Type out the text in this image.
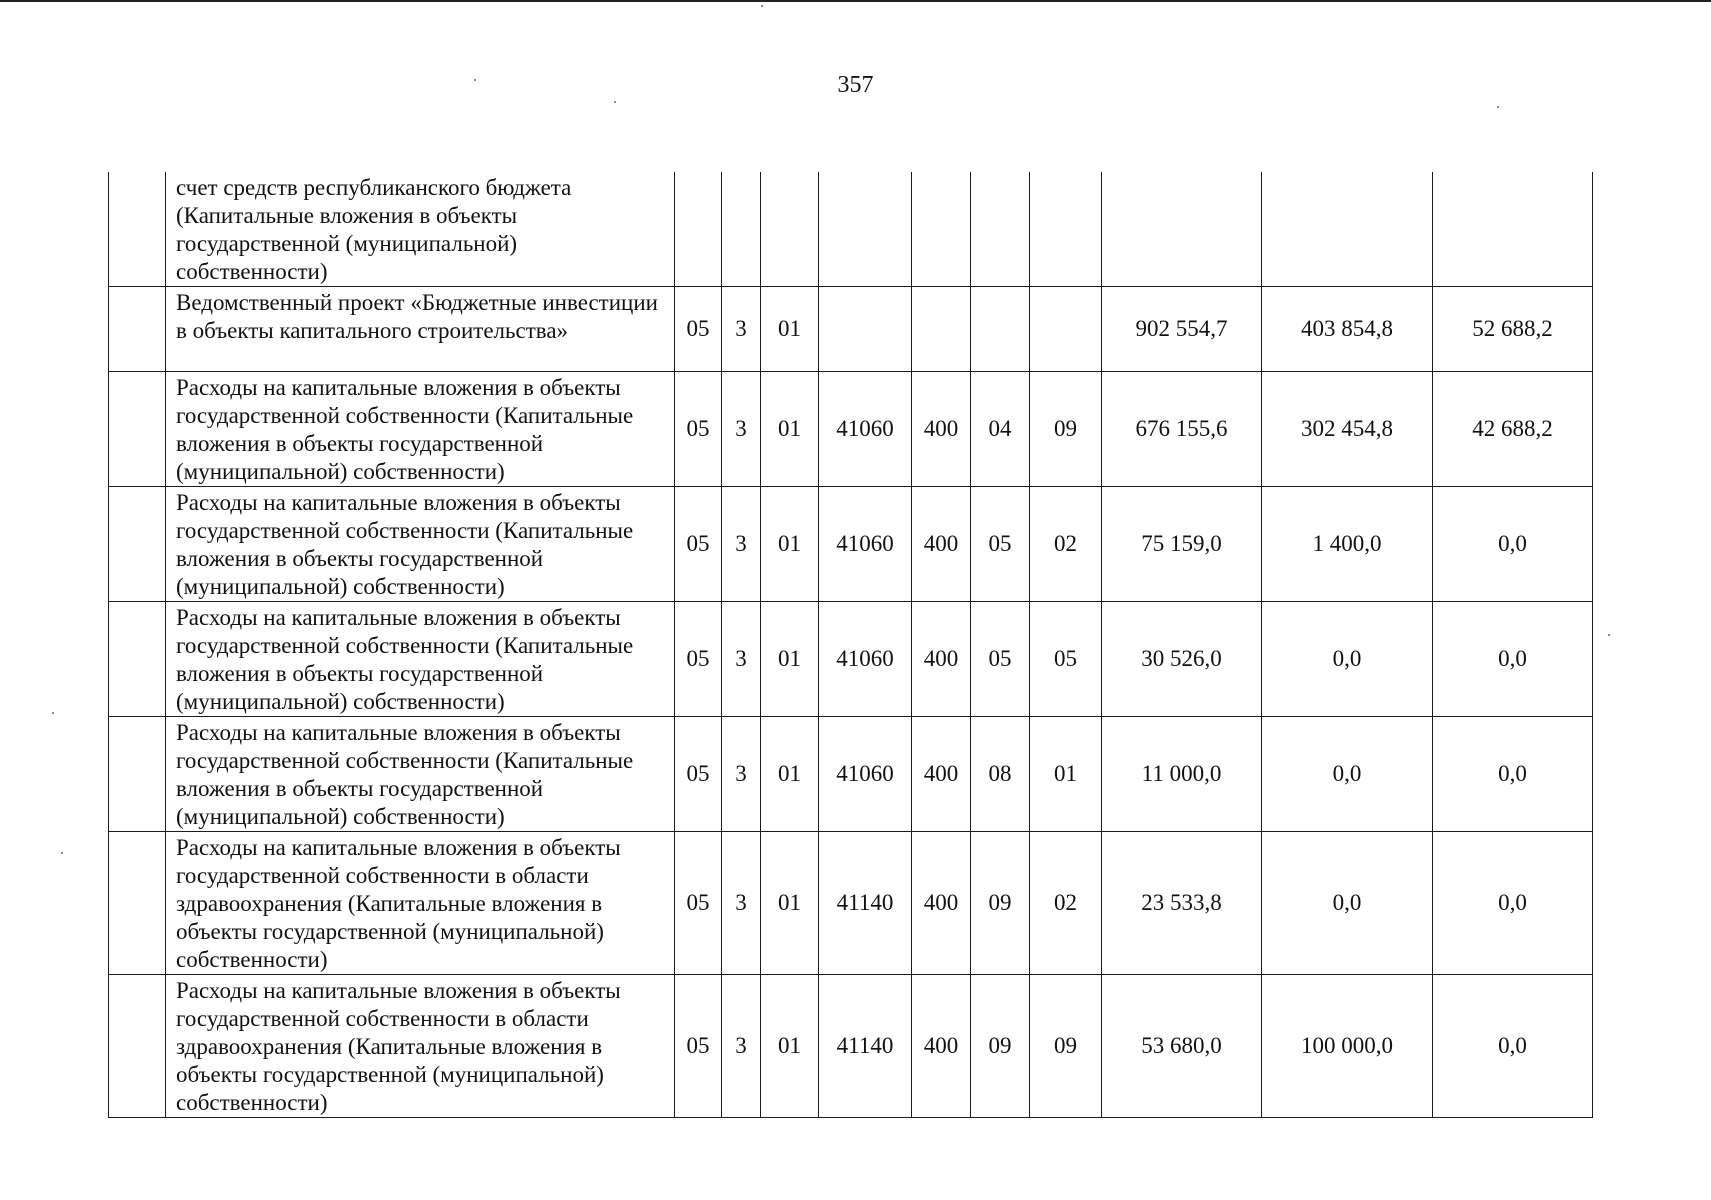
357
	счет средств республиканского бюджета (Капитальные вложения в объекты государственной (муниципальной) собственности)										
	Ведомственный проект «Бюджетные инвестиции в объекты капитального строительства»	05	3	01					902 554,7	403 854,8	52 688,2
	Расходы на капитальные вложения в объекты государственной собственности (Капитальные вложения в объекты государственной (муниципальной) собственности)	05	3	01	41060	400	04	09	676 155,6	302 454,8	42 688,2
	Расходы на капитальные вложения в объекты государственной собственности (Капитальные вложения в объекты государственной (муниципальной) собственности)	05	3	01	41060	400	05	02	75 159,0	1 400,0	0,0
	Расходы на капитальные вложения в объекты государственной собственности (Капитальные вложения в объекты государственной (муниципальной) собственности)	05	3	01	41060	400	05	05	30 526,0	0,0	0,0
	Расходы на капитальные вложения в объекты государственной собственности (Капитальные вложения в объекты государственной (муниципальной) собственности)	05	3	01	41060	400	08	01	11 000,0	0,0	0,0
	Расходы на капитальные вложения в объекты государственной собственности в области здравоохранения (Капитальные вложения в объекты государственной (муниципальной) собственности)	05	3	01	41140	400	09	02	23 533,8	0,0	0,0
	Расходы на капитальные вложения в объекты государственной собственности в области здравоохранения (Капитальные вложения в объекты государственной (муниципальной) собственности)	05	3	01	41140	400	09	09	53 680,0	100 000,0	0,0
